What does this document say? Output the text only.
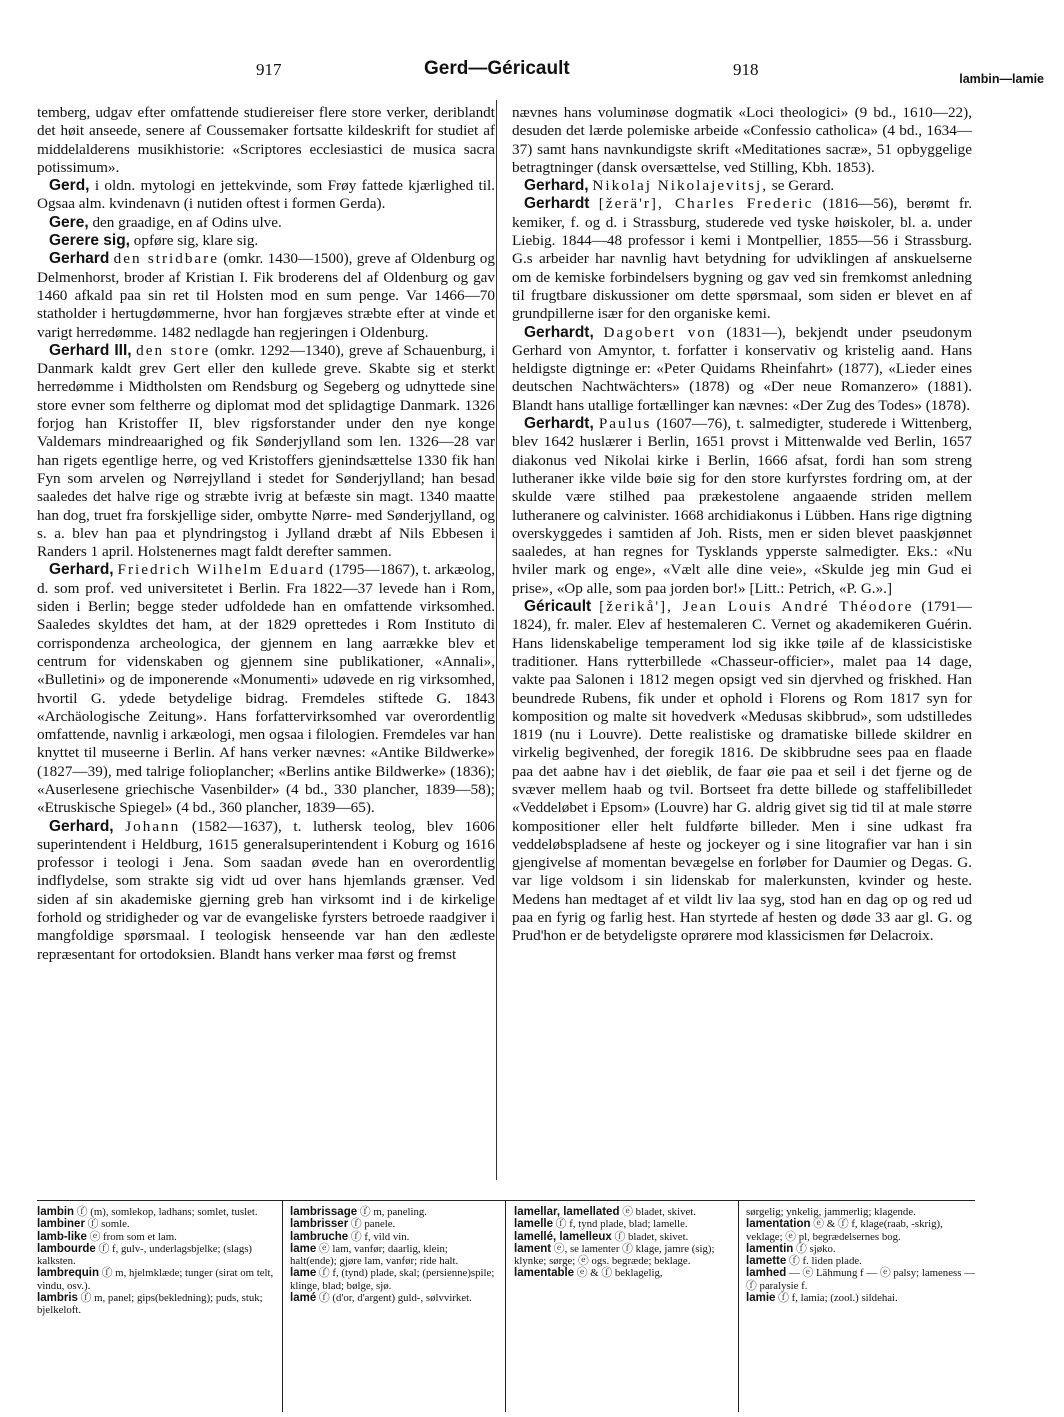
917	Gerd—Géricault	918	lambin—lamie

temberg, udgav efter omfattende studiereiser flere store verker, deriblandt det høit anseede, senere af Coussemaker fortsatte kildeskrift for studiet af middelalderens musikhistorie: «Scriptores ecclesiastici de musica sacra potissimum».

Gerd, i oldn. mytologi en jettekvinde, som Frøy fattede kjærlighed til. Ogsaa alm. kvindenavn (i nutiden oftest i formen Gerda).

Gere, den graadige, en af Odins ulve.

Gerere sig, opføre sig, klare sig.

Gerhard den stridbare (omkr. 1430—1500), greve af Oldenburg og Delmenhorst, broder af Kristian I. Fik broderens del af Oldenburg og gav 1460 afkald paa sin ret til Holsten mod en sum penge. Var 1466—70 statholder i hertugdømmerne, hvor han forgjæves stræbte efter at vinde et varigt herredømme. 1482 nedlagde han regjeringen i Oldenburg.

Gerhard III, den store (omkr. 1292—1340), greve af Schauenburg, i Danmark kaldt grev Gert eller den kullede greve. Skabte sig et sterkt herredømme i Midtholsten om Rendsburg og Segeberg og udnyttede sine store evner som feltherre og diplomat mod det splidagtige Danmark. 1326 forjog han Kristoffer II, blev rigsforstander under den nye konge Valdemars mindreaarighed og fik Sønderjylland som len. 1326—28 var han rigets egentlige herre, og ved Kristoffers gjenindsættelse 1330 fik han Fyn som arvelen og Nørrejylland i stedet for Sønderjylland; han besad saaledes det halve rige og stræbte ivrig at befæste sin magt. 1340 maatte han dog, truet fra forskjellige sider, ombytte Nørre- med Sønderjylland, og s. a. blev han paa et plyndringstog i Jylland dræbt af Nils Ebbesen i Randers 1 april. Holstenernes magt faldt derefter sammen.

Gerhard, Friedrich Wilhelm Eduard (1795—1867), t. arkæolog, d. som prof. ved universitetet i Berlin. Fra 1822—37 levede han i Rom, siden i Berlin; begge steder udfoldede han en omfattende virksomhed. Saaledes skyldtes det ham, at der 1829 oprettedes i Rom Instituto di corrispondenza archeologica, der gjennem en lang aarrække blev et centrum for videnskaben og gjennem sine publikationer, «Annali», «Bulletini» og de imponerende «Monumenti» udøvede en rig virksomhed, hvortil G. ydede betydelige bidrag. Fremdeles stiftede G. 1843 «Archäologische Zeitung». Hans forfattervirksomhed var overordentlig omfattende, navnlig i arkæologi, men ogsaa i filologien. Fremdeles var han knyttet til museerne i Berlin. Af hans verker nævnes: «Antike Bildwerke» (1827—39), med talrige folioplancher; «Berlins antike Bildwerke» (1836); «Auserlesene griechische Vasenbilder» (4 bd., 330 plancher, 1839—58); «Etruskische Spiegel» (4 bd., 360 plancher, 1839—65).

Gerhard, Johann (1582—1637), t. luthersk teolog, blev 1606 superintendent i Heldburg, 1615 generalsuperintendent i Koburg og 1616 professor i teologi i Jena. Som saadan øvede han en overordentlig indflydelse, som strakte sig vidt ud over hans hjemlands grænser. Ved siden af sin akademiske gjerning greb han virksomt ind i de kirkelige forhold og stridigheder og var de evangeliske fyrsters betroede raadgiver i mangfoldige spørsmaal. I teologisk henseende var han den ædleste repræsentant for ortodoksien. Blandt hans verker maa først og fremst

nævnes hans voluminøse dogmatik «Loci theologici» (9 bd., 1610—22), desuden det lærde polemiske arbeide «Confessio catholica» (4 bd., 1634—37) samt hans navnkundigste skrift «Meditationes sacræ», 51 opbyggelige betragtninger (dansk oversættelse, ved Stilling, Kbh. 1853).

Gerhard, Nikolaj Nikolajevitsj, se Gerard.

Gerhardt [žerä'r], Charles Frederic (1816—56), berømt fr. kemiker, f. og d. i Strassburg, studerede ved tyske høiskoler, bl. a. under Liebig. 1844—48 professor i kemi i Montpellier, 1855—56 i Strassburg. G.s arbeider har navnlig havt betydning for udviklingen af anskuelserne om de kemiske forbindelsers bygning og gav ved sin fremkomst anledning til frugtbare diskussioner om dette spørsmaal, som siden er blevet en af grundpillerne især for den organiske kemi.

Gerhardt, Dagobert von (1831—), bekjendt under pseudonym Gerhard von Amyntor, t. forfatter i konservativ og kristelig aand. Hans heldigste digtninge er: «Peter Quidams Rheinfahrt» (1877), «Lieder eines deutschen Nachtwächters» (1878) og «Der neue Romanzero» (1881). Blandt hans utallige fortællinger kan nævnes: «Der Zug des Todes» (1878).

Gerhardt, Paulus (1607—76), t. salmedigter, studerede i Wittenberg, blev 1642 huslærer i Berlin, 1651 provst i Mittenwalde ved Berlin, 1657 diakonus ved Nikolai kirke i Berlin, 1666 afsat, fordi han som streng lutheraner ikke vilde bøie sig for den store kurfyrstes fordring om, at der skulde være stilhed paa prækestolene angaaende striden mellem lutheranere og calvinister. 1668 archidiakonus i Lübben. Hans rige digtning overskyggedes i samtiden af Joh. Rists, men er siden blevet paaskjønnet saaledes, at han regnes for Tysklands ypperste salmedigter. Eks.: «Nu hviler mark og enge», «Vælt alle dine veie», «Skulde jeg min Gud ei prise», «Op alle, som paa jorden bor!» [Litt.: Petrich, «P. G.».]

Géricault [žerikå'], Jean Louis André Théodore (1791—1824), fr. maler. Elev af hestemaleren C. Vernet og akademikeren Guérin. Hans lidenskabelige temperament lod sig ikke tøile af de klassicistiske traditioner. Hans rytterbillede «Chasseur-officier», malet paa 14 dage, vakte paa Salonen i 1812 megen opsigt ved sin djervhed og friskhed. Han beundrede Rubens, fik under et ophold i Florens og Rom 1817 syn for komposition og malte sit hovedverk «Medusas skibbrud», som udstilledes 1819 (nu i Louvre). Dette realistiske og dramatiske billede skildrer en virkelig begivenhed, der foregik 1816. De skibbrudne sees paa en flaade paa det aabne hav i det øieblik, de faar øie paa et seil i det fjerne og de svæver mellem haab og tvil. Bortseet fra dette billede og staffelibilledet «Veddeløbet i Epsom» (Louvre) har G. aldrig givet sig tid til at male større kompositioner eller helt fuldførte billeder. Men i sine udkast fra veddeløbspladsene af heste og jockeyer og i sine litografier var han i sin gjengivelse af momentan bevægelse en forløber for Daumier og Degas. G. var lige voldsom i sin lidenskab for malerkunsten, kvinder og heste. Medens han medtaget af et vildt liv laa syg, stod han en dag op og red ud paa en fyrig og farlig hest. Han styrtede af hesten og døde 33 aar gl. G. og Prud'hon er de betydeligste oprørere mod klassicismen før Delacroix.

lambin ⓕ (m), somlekop, ladhans; somlet, tuslet.

lambiner ⓕ somle.

lamb-like ⓔ from som et lam.

lambourde ⓕ f, gulv-, underlagsbjelke; (slags) kalksten.

lambrequin ⓕ m, hjelmklæde; tunger (sirat om telt, vindu, osv.).

lambris ⓕ m, panel; gips(bekledning); puds, stuk; bjelkeloft.

lambrissage ⓕ m, paneling.

lambrisser ⓕ panele.

lambruche ⓕ f, vild vin.

lame ⓔ lam, vanfør; daarlig, klein; halt(ende); gjøre lam, vanfør; ride halt.

lame ⓕ f, (tynd) plade, skal; (persienne)spile; klinge, blad; bølge, sjø.

lamé ⓕ (d'or, d'argent) guld-, sølvvirket.

lamellar, lamellated ⓔ bladet, skivet.

lamelle ⓕ f, tynd plade, blad; lamelle.

lamellé, lamelleux ⓕ bladet, skivet.

lament ⓔ, se lamenter ⓕ klage, jamre (sig); klynke; sørge; ⓔ ogs. begræde; beklage.

lamentable ⓔ & ⓕ beklagelig,

sørgelig; ynkelig, jammerlig; klagende.

lamentation ⓔ & ⓕ f, klage(raab, -skrig), veklage; ⓔ pl, begrædelsernes bog.

lamentin ⓕ sjøko.

lamette ⓕ f. liden plade.

lamhed — ⓔ Lähmung f — ⓔ palsy; lameness — ⓕ paralysie f.

lamie ⓕ f, lamia; (zool.) sildehai.
